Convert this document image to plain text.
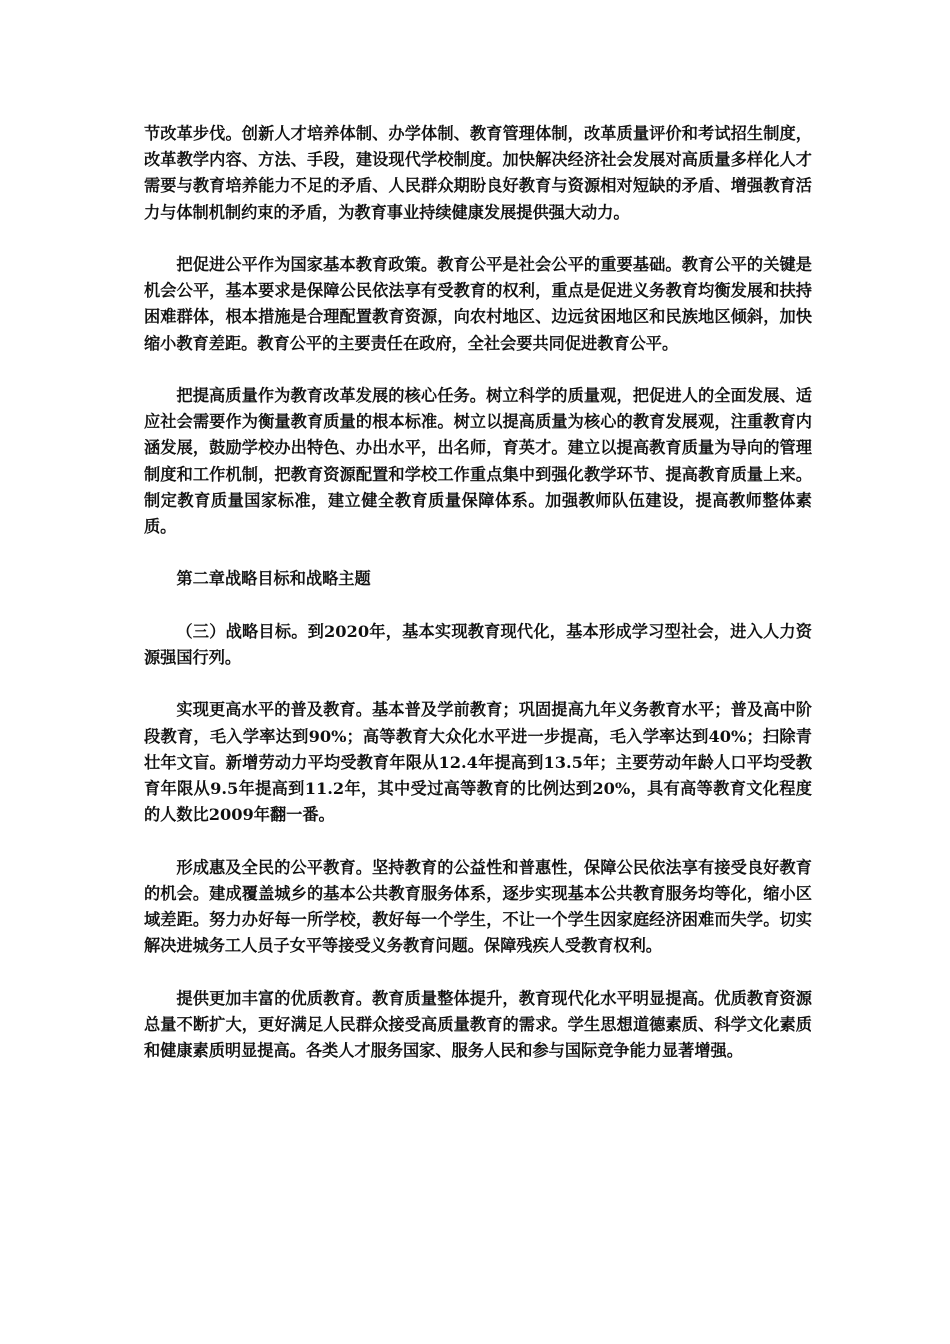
节改革步伐。创新人才培养体制、办学体制、教育管理体制，改革质量评价和考试招生制度，改革教学内容、方法、手段，建设现代学校制度。加快解决经济社会发展对高质量多样化人才需要与教育培养能力不足的矛盾、人民群众期盼良好教育与资源相对短缺的矛盾、增强教育活力与体制机制约束的矛盾，为教育事业持续健康发展提供强大动力。

把促进公平作为国家基本教育政策。教育公平是社会公平的重要基础。教育公平的关键是机会公平，基本要求是保障公民依法享有受教育的权利，重点是促进义务教育均衡发展和扶持困难群体，根本措施是合理配置教育资源，向农村地区、边远贫困地区和民族地区倾斜，加快缩小教育差距。教育公平的主要责任在政府，全社会要共同促进教育公平。

把提高质量作为教育改革发展的核心任务。树立科学的质量观，把促进人的全面发展、适应社会需要作为衡量教育质量的根本标准。树立以提高质量为核心的教育发展观，注重教育内涵发展，鼓励学校办出特色、办出水平，出名师，育英才。建立以提高教育质量为导向的管理制度和工作机制，把教育资源配置和学校工作重点集中到强化教学环节、提高教育质量上来。制定教育质量国家标准，建立健全教育质量保障体系。加强教师队伍建设，提高教师整体素质。

第二章战略目标和战略主题

（三）战略目标。到2020年，基本实现教育现代化，基本形成学习型社会，进入人力资源强国行列。

实现更高水平的普及教育。基本普及学前教育；巩固提高九年义务教育水平；普及高中阶段教育，毛入学率达到90%；高等教育大众化水平进一步提高，毛入学率达到40%；扫除青壮年文盲。新增劳动力平均受教育年限从12.4年提高到13.5年；主要劳动年龄人口平均受教育年限从9.5年提高到11.2年，其中受过高等教育的比例达到20%，具有高等教育文化程度的人数比2009年翻一番。

形成惠及全民的公平教育。坚持教育的公益性和普惠性，保障公民依法享有接受良好教育的机会。建成覆盖城乡的基本公共教育服务体系，逐步实现基本公共教育服务均等化，缩小区域差距。努力办好每一所学校，教好每一个学生，不让一个学生因家庭经济困难而失学。切实解决进城务工人员子女平等接受义务教育问题。保障残疾人受教育权利。

提供更加丰富的优质教育。教育质量整体提升，教育现代化水平明显提高。优质教育资源总量不断扩大，更好满足人民群众接受高质量教育的需求。学生思想道德素质、科学文化素质和健康素质明显提高。各类人才服务国家、服务人民和参与国际竞争能力显著增强。
